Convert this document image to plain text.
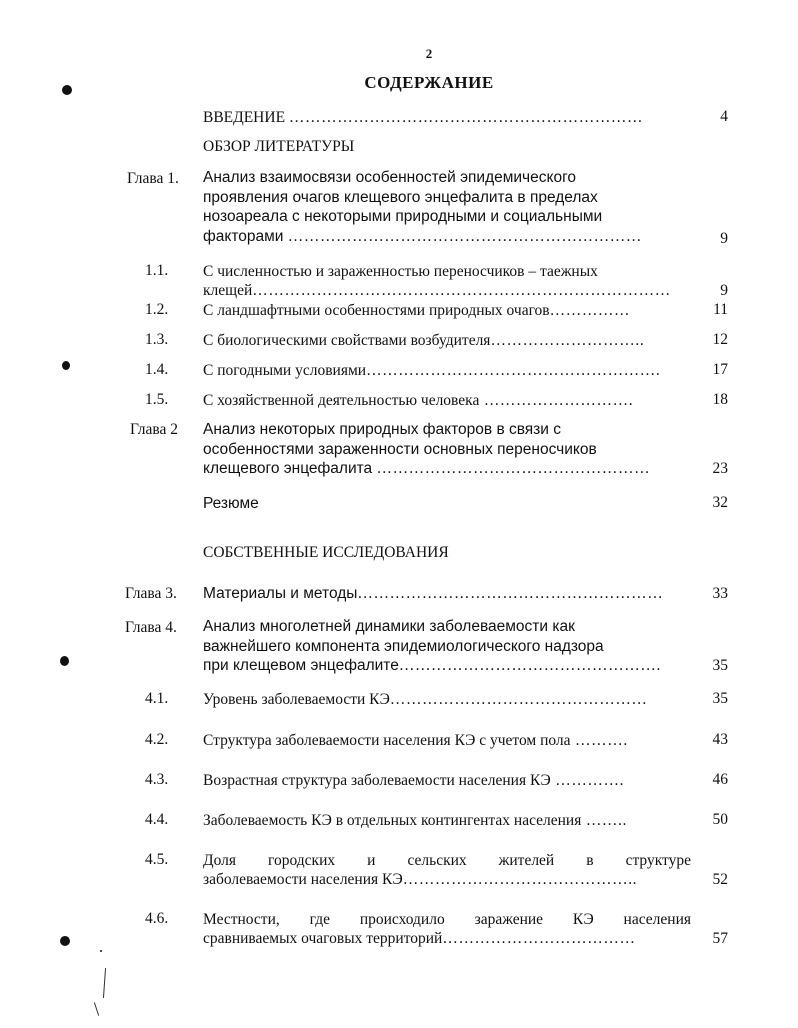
2
СОДЕРЖАНИЕ
ВВЕДЕНИЕ …………………………………………………………	4
ОБЗОР ЛИТЕРАТУРЫ
Глава 1. Анализ взаимосвязи особенностей эпидемического
проявления очагов клещевого энцефалита в пределах
нозоареала с некоторыми природными и социальными
факторами …………………………………………………………	9
1.1. С численностью и зараженностью переносчиков – таежных
клещей……………………………………………………………………	9
1.2. С ландшафтными особенностями природных очагов……………	11
1.3. С биологическими свойствами возбудителя………………………..	12
1.4. С погодными условиями……………………………………………….	17
1.5. С хозяйственной деятельностью человека ……………………….	18
Глава 2 Анализ некоторых природных факторов в связи с
особенностями зараженности основных переносчиков
клещевого энцефалита ……………………………………………	23
Резюме	32
СОБСТВЕННЫЕ ИССЛЕДОВАНИЯ
Глава 3. Материалы и методы…………………………………………………	33
Глава 4. Анализ многолетней динамики заболеваемости как
важнейшего компонента эпидемиологического надзора
при клещевом энцефалите………………………………………….	35
4.1. Уровень заболеваемости КЭ…………………………………………	35
4.2. Структура заболеваемости населения КЭ с учетом пола ……….	43
4.3. Возрастная структура заболеваемости населения КЭ ………….	46
4.4. Заболеваемость КЭ в отдельных контингентах населения ……..	50
4.5. Доля городских и сельских жителей в структуре
заболеваемости населения КЭ……………………………………..	52
4.6. Местности, где происходило заражение КЭ населения
сравниваемых очаговых территорий………………………………	57
